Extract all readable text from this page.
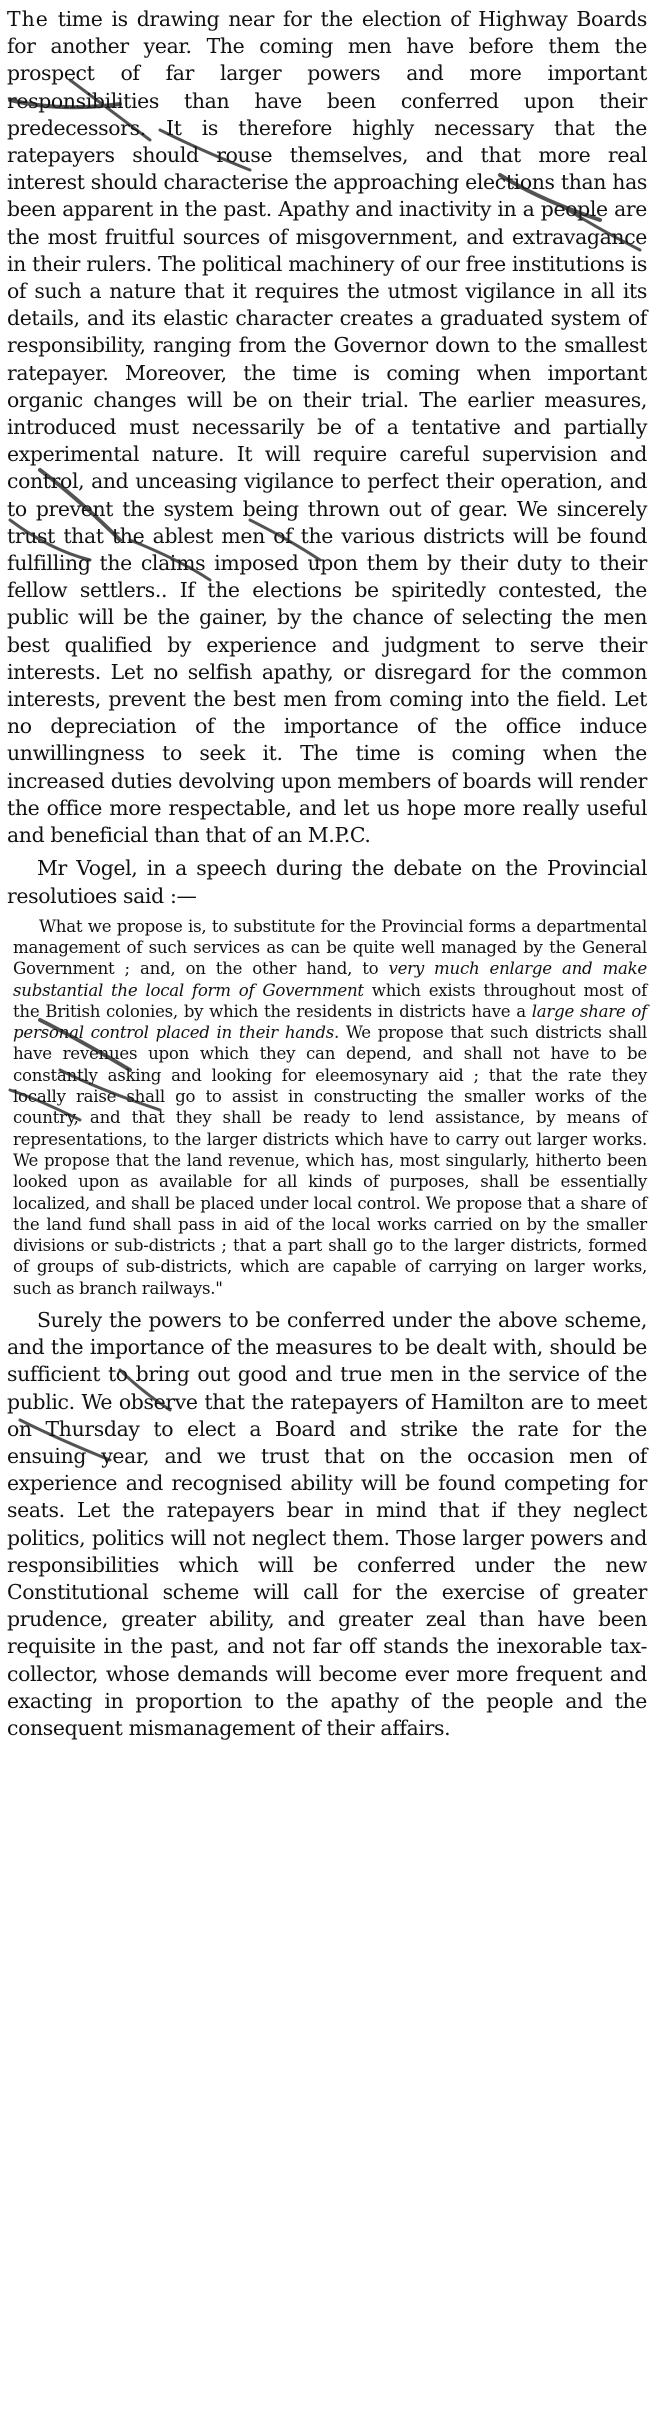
The time is drawing near for the election of Highway Boards for another year. The coming men have before them the prospect of far larger powers and more important responsibilities than have been conferred upon their predecessors. It is therefore highly necessary that the ratepayers should rouse themselves, and that more real interest should characterise the approaching elections than has been apparent in the past. Apathy and inactivity in a people are the most fruitful sources of misgovernment, and extravagance in their rulers. The political machinery of our free institutions is of such a nature that it requires the utmost vigilance in all its details, and its elastic character creates a graduated system of responsibility, ranging from the Governor down to the smallest ratepayer. Moreover, the time is coming when important organic changes will be on their trial. The earlier measures, introduced must necessarily be of a tentative and partially experimental nature. It will require careful supervision and control, and unceasing vigilance to perfect their operation, and to prevent the system being thrown out of gear. We sincerely trust that the ablest men of the various districts will be found fulfilling the claims imposed upon them by their duty to their fellow settlers.. If the elections be spiritedly contested, the public will be the gainer, by the chance of selecting the men best qualified by experience and judgment to serve their interests. Let no selfish apathy, or disregard for the common interests, prevent the best men from coming into the field. Let no depreciation of the importance of the office induce unwillingness to seek it. The time is coming when the increased duties devolving upon members of boards will render the office more respectable, and let us hope more really useful and beneficial than that of an M.P.C.

Mr Vogel, in a speech during the debate on the Provincial resolutioes said :—

What we propose is, to substitute for the Provincial forms a departmental management of such services as can be quite well managed by the General Government ; and, on the other hand, to very much enlarge and make substantial the local form of Government which exists throughout most of the British colonies, by which the residents in districts have a large share of personal control placed in their hands. We propose that such districts shall have revenues upon which they can depend, and shall not have to be constantly asking and looking for eleemosynary aid ; that the rate they locally raise shall go to assist in constructing the smaller works of the country, and that they shall be ready to lend assistance, by means of representations, to the larger districts which have to carry out larger works. We propose that the land revenue, which has, most singularly, hitherto been looked upon as available for all kinds of purposes, shall be essentially localized, and shall be placed under local control. We propose that a share of the land fund shall pass in aid of the local works carried on by the smaller divisions or sub-districts ; that a part shall go to the larger districts, formed of groups of sub-districts, which are capable of carrying on larger works, such as branch railways."

Surely the powers to be conferred under the above scheme, and the importance of the measures to be dealt with, should be sufficient to bring out good and true men in the service of the public. We observe that the ratepayers of Hamilton are to meet on Thursday to elect a Board and strike the rate for the ensuing year, and we trust that on the occasion men of experience and recognised ability will be found competing for seats. Let the ratepayers bear in mind that if they neglect politics, politics will not neglect them. Those larger powers and responsibilities which will be conferred under the new Constitutional scheme will call for the exercise of greater prudence, greater ability, and greater zeal than have been requisite in the past, and not far off stands the inexorable tax-collector, whose demands will become ever more frequent and exacting in proportion to the apathy of the people and the consequent mismanagement of their affairs.
